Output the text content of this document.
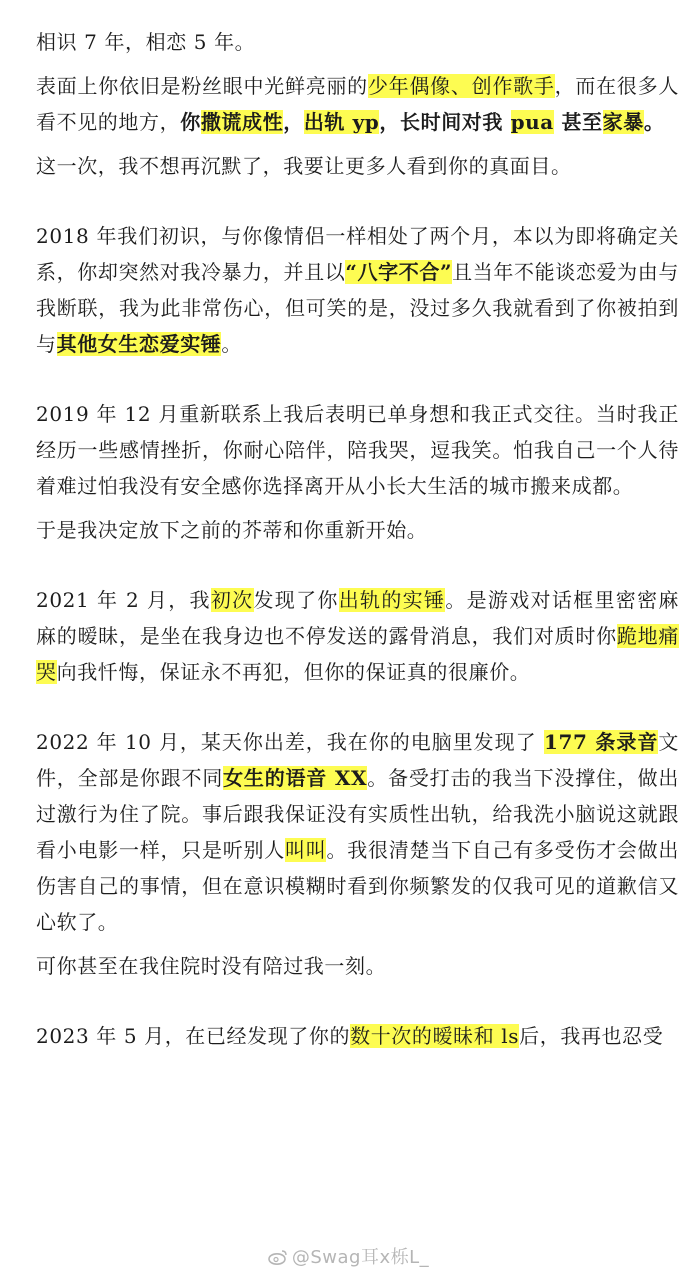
相识 7 年，相恋 5 年。

表面上你依旧是粉丝眼中光鲜亮丽的少年偶像、创作歌手，而在很多人看不见的地方，你撒谎成性，出轨 yp，长时间对我 pua 甚至家暴。

这一次，我不想再沉默了，我要让更多人看到你的真面目。

2018 年我们初识，与你像情侣一样相处了两个月，本以为即将确定关系，你却突然对我冷暴力，并且以“八字不合”且当年不能谈恋爱为由与我断联，我为此非常伤心，但可笑的是，没过多久我就看到了你被拍到与其他女生恋爱实锤。

2019 年 12 月重新联系上我后表明已单身想和我正式交往。当时我正经历一些感情挫折，你耐心陪伴，陪我哭，逗我笑。怕我自己一个人待着难过怕我没有安全感你选择离开从小长大生活的城市搬来成都。

于是我决定放下之前的芥蒂和你重新开始。

2021 年 2 月，我初次发现了你出轨的实锤。是游戏对话框里密密麻麻的暧昧，是坐在我身边也不停发送的露骨消息，我们对质时你跪地痛哭向我忏悔，保证永不再犯，但你的保证真的很廉价。

2022 年 10 月，某天你出差，我在你的电脑里发现了 177 条录音文件，全部是你跟不同女生的语音 XX。备受打击的我当下没撑住，做出过激行为住了院。事后跟我保证没有实质性出轨，给我洗小脑说这就跟看小电影一样，只是听别人叫叫。我很清楚当下自己有多受伤才会做出伤害自己的事情，但在意识模糊时看到你频繁发的仅我可见的道歉信又心软了。

可你甚至在我住院时没有陪过我一刻。

2023 年 5 月，在已经发现了你的数十次的暧昧和 ls后，我再也忍受

@Swag耳x栎L_
